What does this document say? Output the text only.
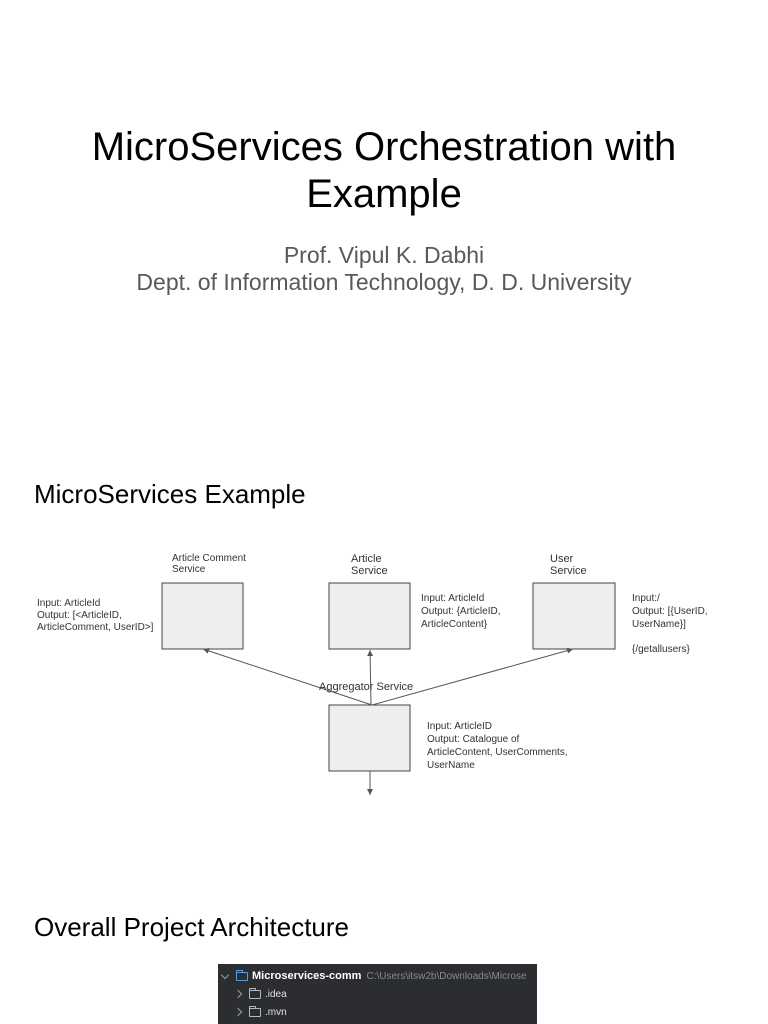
MicroServices Orchestration with
Example
Prof. Vipul K. Dabhi
Dept. of Information Technology, D. D. University
MicroServices Example
Article Comment
Service
Article
Service
User
Service
Aggregator Service
Input: ArticleId
Output: [<ArticleID,
ArticleComment, UserID>]
Input: ArticleId
Output: {ArticleID,
ArticleContent}
Input:/
Output: [{UserID,
UserName}]
{/getallusers}
Input: ArticleID
Output: Catalogue of
ArticleContent, UserComments,
UserName
Overall Project Architecture
Microservices-comm C:\Users\itsw2b\Downloads\Microse
.idea
.mvn
